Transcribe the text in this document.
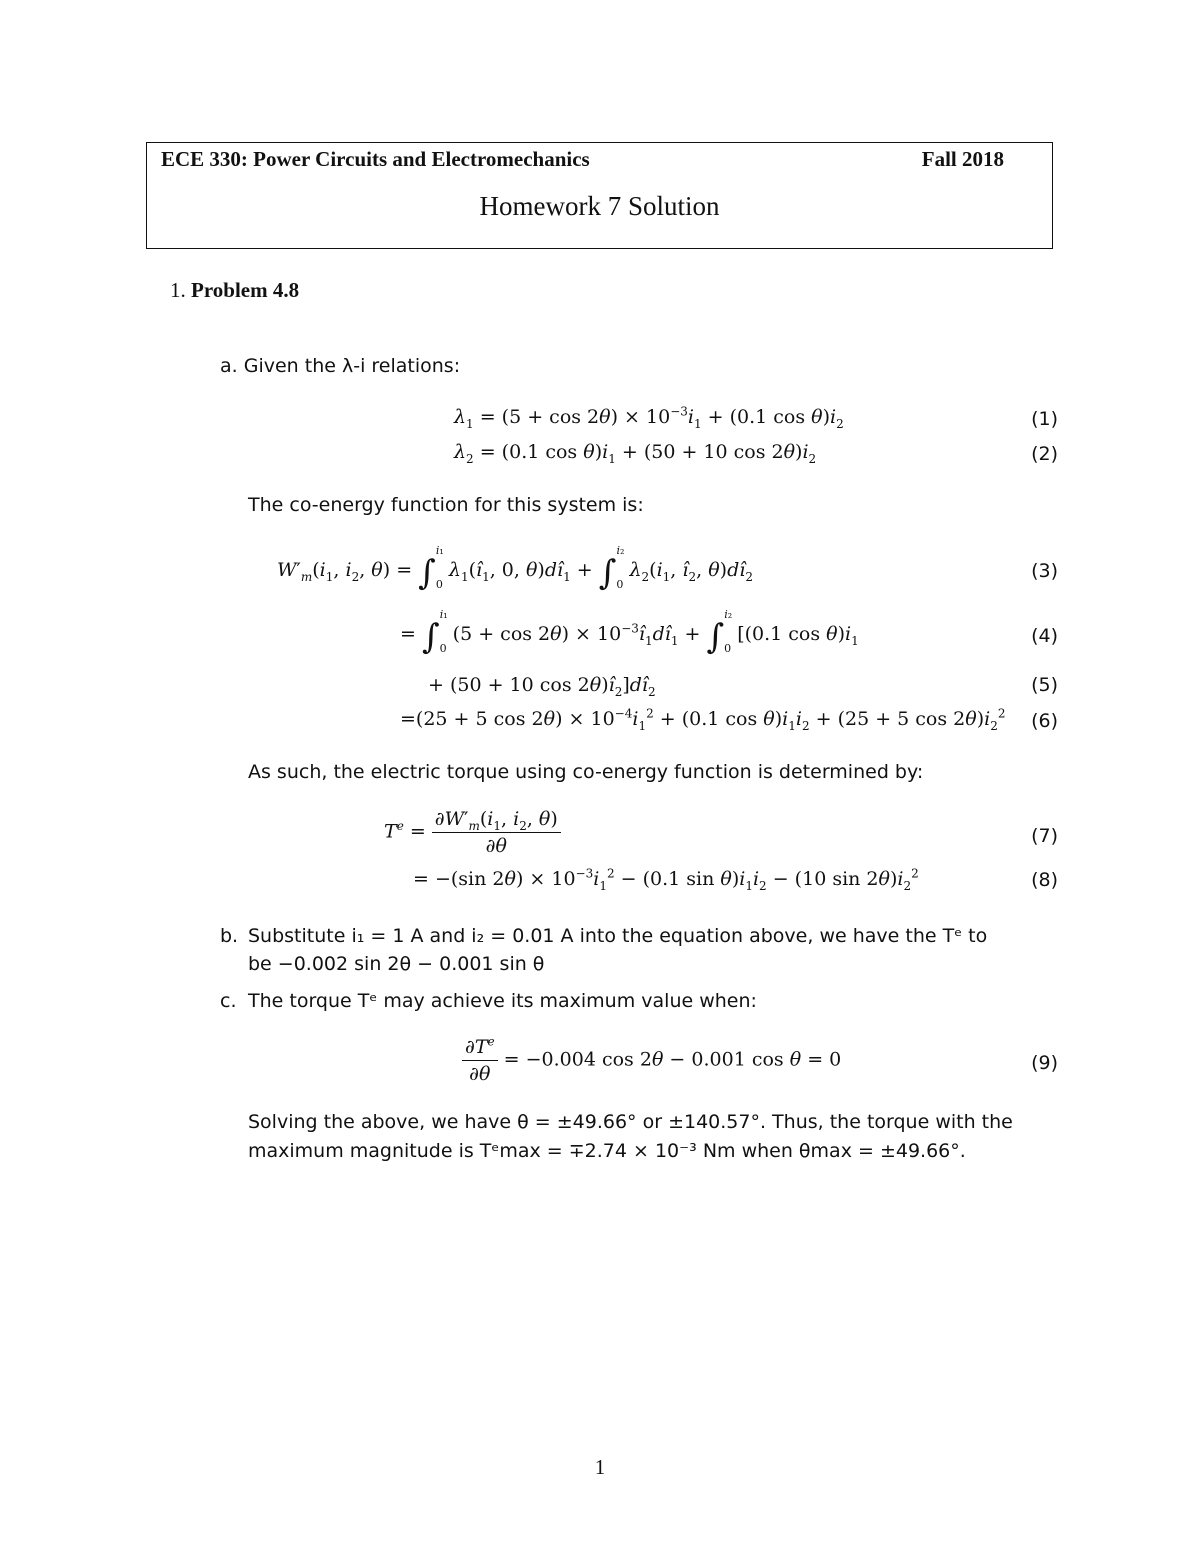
ECE 330: Power Circuits and Electromechanics	Fall 2018
Homework 7 Solution
1. Problem 4.8
a. Given the λ-i relations:
$\lambda_1 = (5 + \cos 2\theta) \times 10^{-3}i_1 + (0.1$ $\cos \theta)i_2$	(1)
$\lambda_2 = (0.1$ $\cos \theta)i_1 + (50 + 10$ $\cos 2\theta)i_2$	(2)
The co-energy function for this system is:
$W'_m(i_1$, $i_2$, θ) = ∫$^{i_1}_0$ $\lambda_1(î_1$, 0, $\theta)dî_1 + \int^{i_2}_0$ $\lambda_2(i_1$, $î_2$, $\theta)dî_2$	(3)
= ∫$^{i_1}_0$ $(5 + \cos 2\theta) \times 10^{-3}î_1dî_1 + \int^{i_2}_0$ [(0.1 $\cos \theta)i_1$	(4)
+ (50 + 10 $\cos 2\theta)î_2]dî_2$	(5)
=(25 + 5 $\cos 2\theta) \times 10^{-4}i_1^2 + (0.1$ $\cos \theta)i_1i_2 + (25 + 5$ $\cos 2\theta)i_2^2$ (6)
As such, the electric torque using co-energy function is determined by:
$T^e = \frac{\partial W'_m(i_1, i_2, \theta)}{\partial\theta}$	(7)
= −(sin $2\theta) \times 10^{-3}i_1^2 - (0.1$ $\sin \theta)i_1i_2 - (10$ $\sin 2\theta)i_2^2$	(8)
b. Substitute i₁ = 1 A and i₂ = 0.01 A into the equation above, we have the Tᵉ to
be −0.002 sin 2θ − 0.001 sin θ
c. The torque Tᵉ may achieve its maximum value when:
$\frac{\partial T^e}{\partial\theta} = -0.004$ cos 2θ − 0.001 cos θ = 0	(9)
Solving the above, we have θ = ±49.66° or ±140.57°. Thus, the torque with the
maximum magnitude is Tᵉmax = ∓2.74 × 10⁻³ Nm when θmax = ±49.66°.
1
